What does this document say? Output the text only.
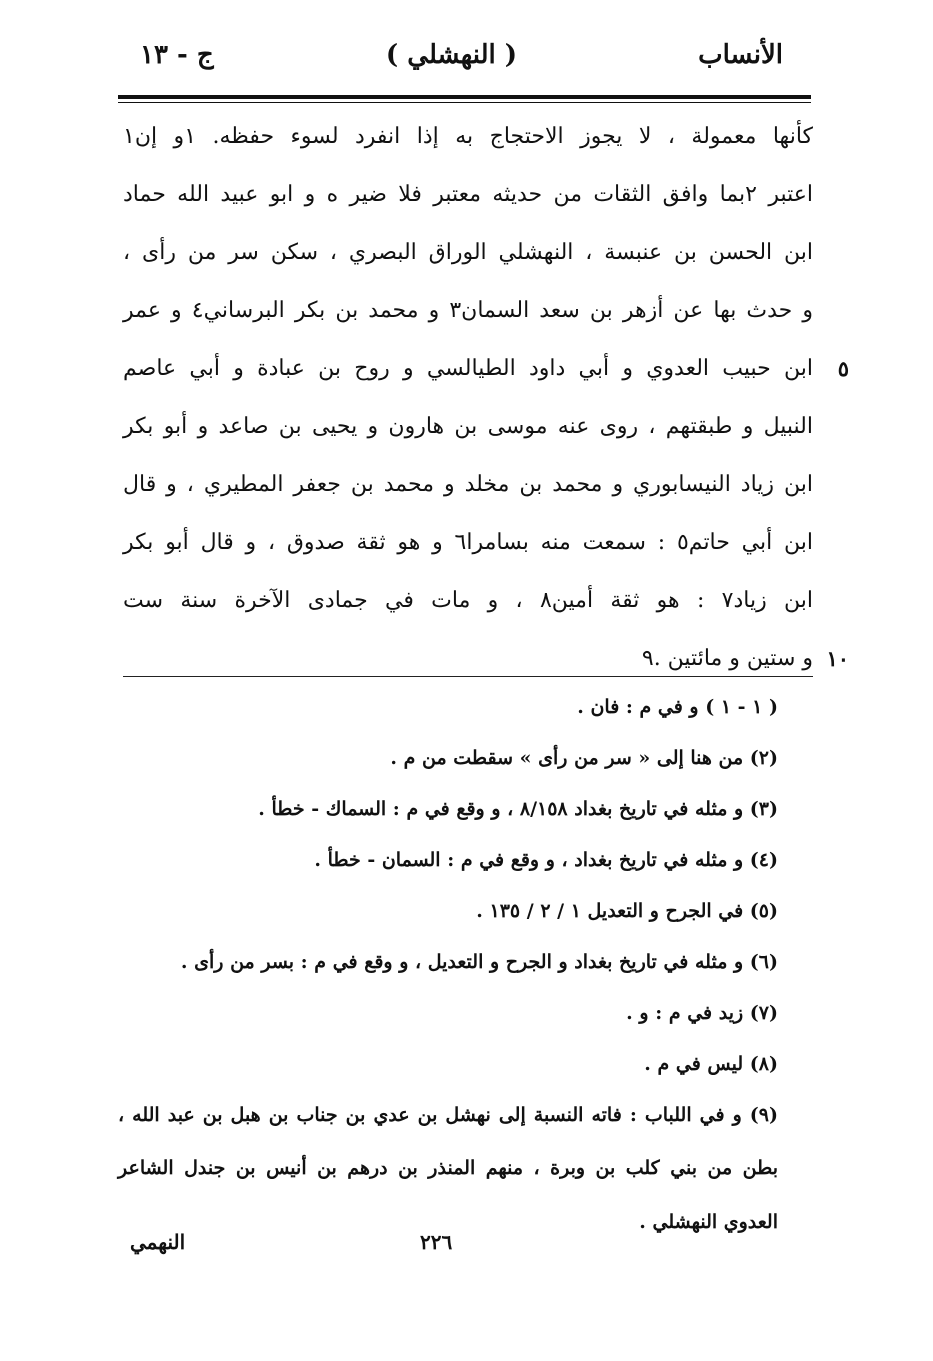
الأنساب
( النهشلي )
ج - ١٣
كأنها معمولة ، لا يجوز الاحتجاج به إذا انفرد لسوء حفظه. ١و إن١
اعتبر ٢بما وافق الثقات من حديثه معتبر فلا ضير ه و ابو عبيد الله حماد
ابن الحسن بن عنبسة ، النهشلي الوراق البصري ، سكن سر من رأى ،
و حدث بها عن أزهر بن سعد السمان٣ و محمد بن بكر البرساني٤ و عمر
٥
ابن حبيب العدوي و أبي داود الطيالسي و روح بن عبادة و أبي عاصم
النبيل و طبقتهم ، روى عنه موسى بن هارون و يحيى بن صاعد و أبو بكر
ابن زياد النيسابوري و محمد بن مخلد و محمد بن جعفر المطيري ، و قال
ابن أبي حاتم٥ : سمعت منه بسامرا٦ و هو ثقة صدوق ، و قال أبو بكر
ابن زياد٧ : هو ثقة أمين٨ ، و مات في جمادى الآخرة سنة ست
١٠
و ستين و مائتين .٩
( ١ - ١ ) و في م : فان .
(٢) من هنا إلى « سر من رأى » سقطت من م .
(٣) و مثله في تاريخ بغداد ٨/١٥٨ ، و وقع في م : السماك - خطأ .
(٤) و مثله في تاريخ بغداد ، و وقع في م : السمان - خطأ .
(٥) في الجرح و التعديل ١ / ٢ / ١٣٥ .
(٦) و مثله في تاريخ بغداد و الجرح و التعديل ، و وقع في م : بسر من رأى .
(٧) زيد في م : و .
(٨) ليس في م .
(٩) و في اللباب : فاته النسبة إلى نهشل بن عدي بن جناب بن هبل بن عبد الله ،
بطن من بني كلب بن وبرة ، منهم المنذر بن درهم بن أنيس بن جندل الشاعر
العدوي النهشلي .
٢٢٦
النهمي
